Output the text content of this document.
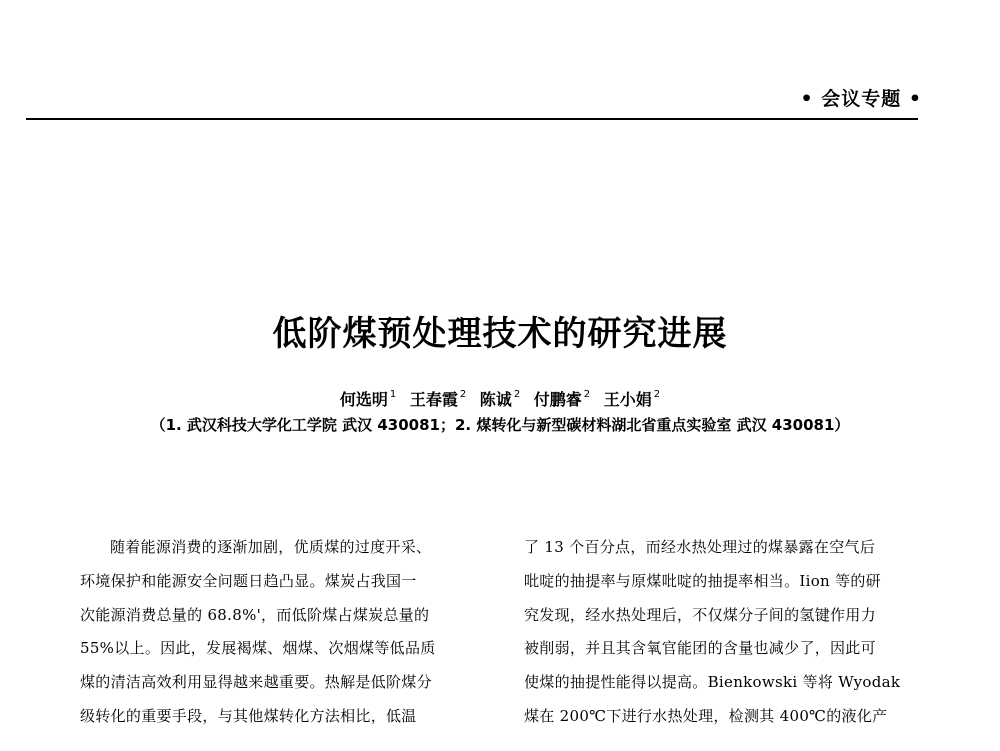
• 会议专题 •
低阶煤预处理技术的研究进展
何选明 $^1$ 王春霞 $^2$ 陈诚 $^2$ 付鹏睿 $^2$ 王小娟 $^2$
（1. 武汉科技大学化工学院 武汉 430081；2. 煤转化与新型碳材料湖北省重点实验室 武汉 430081）

随着能源消费的逐渐加剧，优质煤的过度开采、

环境保护和能源安全问题日趋凸显。煤炭占我国一

次能源消费总量的 68.8%'，而低阶煤占煤炭总量的

55%以上。因此，发展褐煤、烟煤、次烟煤等低品质

煤的清洁高效利用显得越来越重要。热解是低阶煤分

级转化的重要手段，与其他煤转化方法相比，低温

了 13 个百分点，而经水热处理过的煤暴露在空气后

吡啶的抽提率与原煤吡啶的抽提率相当。Iion 等的研

究发现，经水热处理后，不仅煤分子间的氢键作用力

被削弱，并且其含氧官能团的含量也减少了，因此可

使煤的抽提性能得以提高。Bienkowski 等将 Wyodak

煤在 200℃下进行水热处理，检测其 400℃的液化产
